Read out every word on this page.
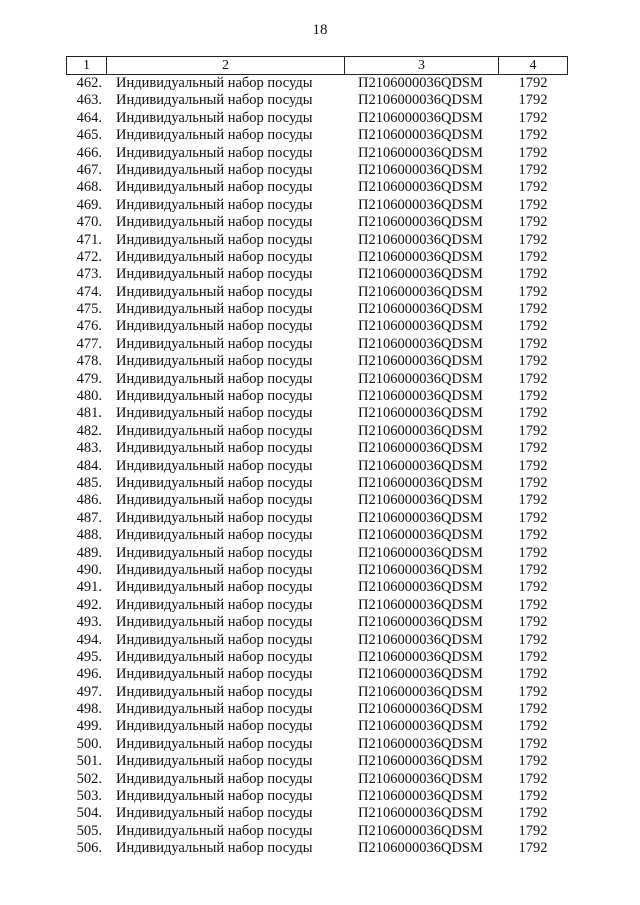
18
1	2	3	4
462. Индивидуальный набор посуды	П2106000036QDSM	1792
463. Индивидуальный набор посуды	П2106000036QDSM	1792
464. Индивидуальный набор посуды	П2106000036QDSM	1792
465. Индивидуальный набор посуды	П2106000036QDSM	1792
466. Индивидуальный набор посуды	П2106000036QDSM	1792
467. Индивидуальный набор посуды	П2106000036QDSM	1792
468. Индивидуальный набор посуды	П2106000036QDSM	1792
469. Индивидуальный набор посуды	П2106000036QDSM	1792
470. Индивидуальный набор посуды	П2106000036QDSM	1792
471. Индивидуальный набор посуды	П2106000036QDSM	1792
472. Индивидуальный набор посуды	П2106000036QDSM	1792
473. Индивидуальный набор посуды	П2106000036QDSM	1792
474. Индивидуальный набор посуды	П2106000036QDSM	1792
475. Индивидуальный набор посуды	П2106000036QDSM	1792
476. Индивидуальный набор посуды	П2106000036QDSM	1792
477. Индивидуальный набор посуды	П2106000036QDSM	1792
478. Индивидуальный набор посуды	П2106000036QDSM	1792
479. Индивидуальный набор посуды	П2106000036QDSM	1792
480. Индивидуальный набор посуды	П2106000036QDSM	1792
481. Индивидуальный набор посуды	П2106000036QDSM	1792
482. Индивидуальный набор посуды	П2106000036QDSM	1792
483. Индивидуальный набор посуды	П2106000036QDSM	1792
484. Индивидуальный набор посуды	П2106000036QDSM	1792
485. Индивидуальный набор посуды	П2106000036QDSM	1792
486. Индивидуальный набор посуды	П2106000036QDSM	1792
487. Индивидуальный набор посуды	П2106000036QDSM	1792
488. Индивидуальный набор посуды	П2106000036QDSM	1792
489. Индивидуальный набор посуды	П2106000036QDSM	1792
490. Индивидуальный набор посуды	П2106000036QDSM	1792
491. Индивидуальный набор посуды	П2106000036QDSM	1792
492. Индивидуальный набор посуды	П2106000036QDSM	1792
493. Индивидуальный набор посуды	П2106000036QDSM	1792
494. Индивидуальный набор посуды	П2106000036QDSM	1792
495. Индивидуальный набор посуды	П2106000036QDSM	1792
496. Индивидуальный набор посуды	П2106000036QDSM	1792
497. Индивидуальный набор посуды	П2106000036QDSM	1792
498. Индивидуальный набор посуды	П2106000036QDSM	1792
499. Индивидуальный набор посуды	П2106000036QDSM	1792
500. Индивидуальный набор посуды	П2106000036QDSM	1792
501. Индивидуальный набор посуды	П2106000036QDSM	1792
502. Индивидуальный набор посуды	П2106000036QDSM	1792
503. Индивидуальный набор посуды	П2106000036QDSM	1792
504. Индивидуальный набор посуды	П2106000036QDSM	1792
505. Индивидуальный набор посуды	П2106000036QDSM	1792
506. Индивидуальный набор посуды	П2106000036QDSM	1792
